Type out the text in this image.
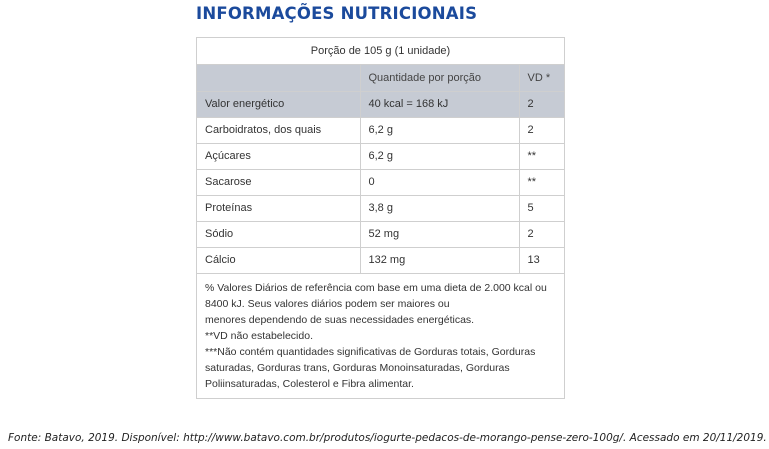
INFORMAÇÕES NUTRICIONAIS
Porção de 105 g (1 unidade)
	Quantidade por porção	VD *
Valor energético	40 kcal = 168 kJ	2
Carboidratos, dos quais	6,2 g	2
Açúcares	6,2 g	**
Sacarose	0	**
Proteínas	3,8 g	5
Sódio	52 mg	2
Cálcio	132 mg	13

% Valores Diários de referência com base em uma dieta de 2.000 kcal ou

8400 kJ. Seus valores diários podem ser maiores ou

menores dependendo de suas necessidades energéticas.

**VD não estabelecido.

***Não contém quantidades significativas de Gorduras totais, Gorduras

saturadas, Gorduras trans, Gorduras Monoinsaturadas, Gorduras

Poliinsaturadas, Colesterol e Fibra alimentar.

Fonte: Batavo, 2019. Disponível: http://www.batavo.com.br/produtos/iogurte-pedacos-de-morango-pense-zero-100g/. Acessado em 20/11/2019.
